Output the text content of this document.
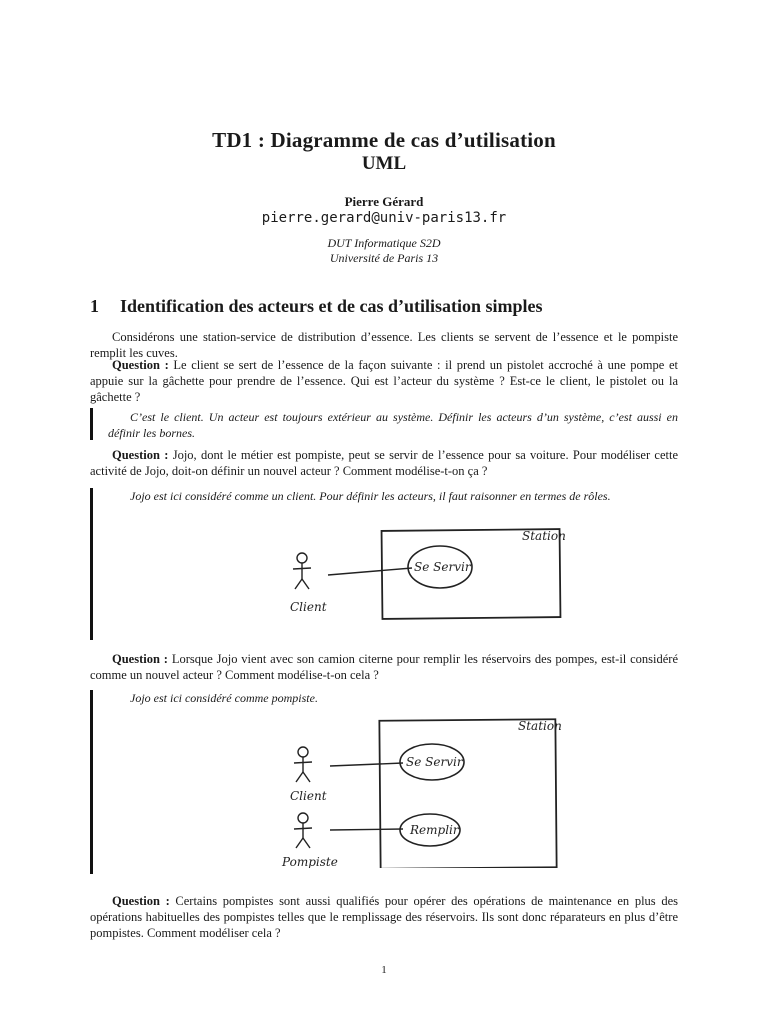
TD1 : Diagramme de cas d’utilisation
UML
Pierre Gérard
pierre.gerard@univ-paris13.fr
DUT Informatique S2D
Université de Paris 13
1 Identification des acteurs et de cas d’utilisation simples

Considérons une station-service de distribution d’essence. Les clients se servent de l’essence et le pompiste remplit les cuves.

Question : Le client se sert de l’essence de la façon suivante : il prend un pistolet accroché à une pompe et appuie sur la gâchette pour prendre de l’essence. Qui est l’acteur du système ? Est-ce le client, le pistolet ou la gâchette ?

C’est le client. Un acteur est toujours extérieur au système. Définir les acteurs d’un système, c’est aussi en définir les bornes.

Question : Jojo, dont le métier est pompiste, peut se servir de l’essence pour sa voiture. Pour modéliser cette activité de Jojo, doit-on définir un nouvel acteur ? Comment modélise-t-on ça ?

Jojo est ici considéré comme un client. Pour définir les acteurs, il faut raisonner en termes de rôles.

Station
Client
Se Servir

Question : Lorsque Jojo vient avec son camion citerne pour remplir les réservoirs des pompes, est-il considéré comme un nouvel acteur ? Comment modélise-t-on cela ?

Jojo est ici considéré comme pompiste.

Station
Client
Se Servir
Pompiste
Remplir

Question : Certains pompistes sont aussi qualifiés pour opérer des opérations de maintenance en plus des opérations habituelles des pompistes telles que le remplissage des réservoirs. Ils sont donc réparateurs en plus d’être pompistes. Comment modéliser cela ?

1
